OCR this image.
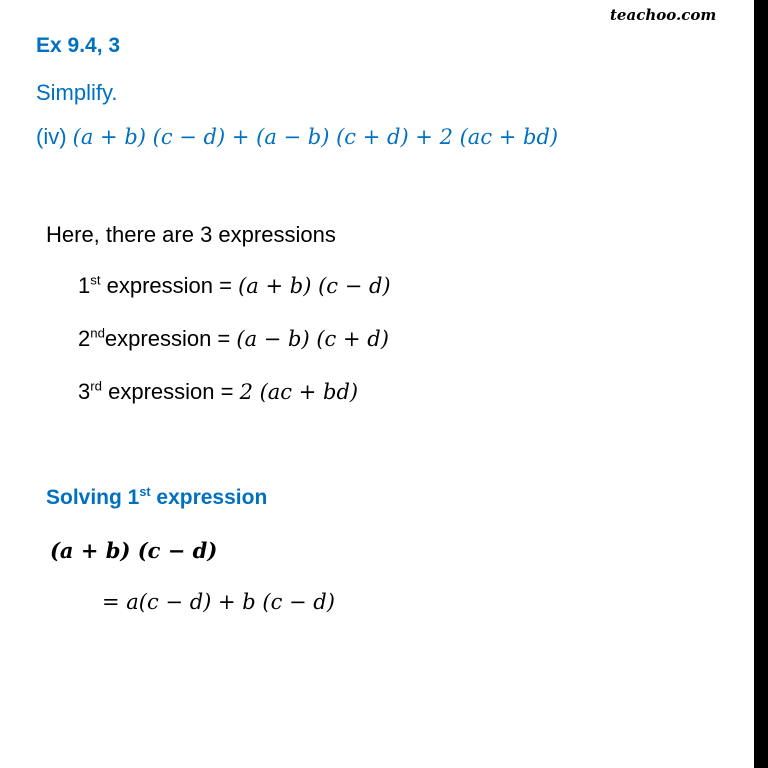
teachoo.com
Ex 9.4, 3
Simplify.
(iv) (a + b) (c − d) + (a − b) (c + d) + 2 (ac + bd)
Here, there are 3 expressions
1st expression = (a + b) (c − d)
2ndexpression = (a − b) (c + d)
3rd expression = 2 (ac + bd)
Solving 1st expression
(a + b) (c − d)
= a(c − d) + b (c − d)
